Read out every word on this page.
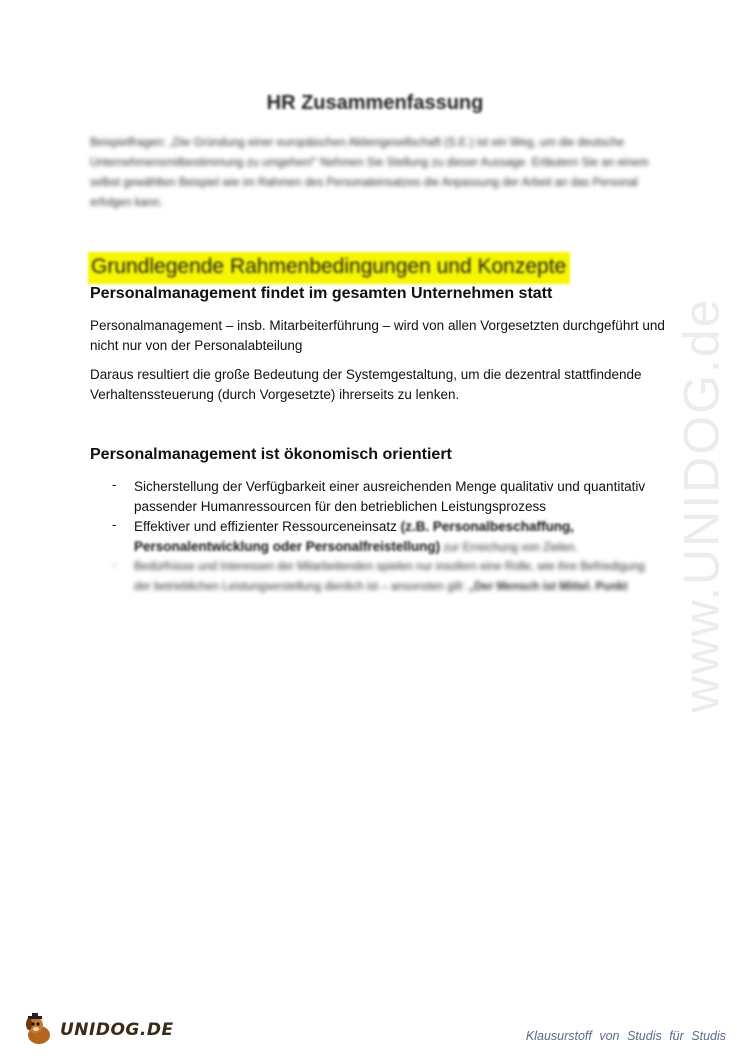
HR Zusammenfassung
Beispielfragen: „Die Gründung einer europäischen Aktiengesellschaft (S.E.) ist ein Weg, um die deutsche Unternehmensmitbestimmung zu umgehen!“ Nehmen Sie Stellung zu dieser Aussage. Erläutern Sie an einem selbst gewählten Beispiel wie im Rahmen des Personaleinsatzes die Anpassung der Arbeit an das Personal erfolgen kann.
Grundlegende Rahmenbedingungen und Konzepte
Personalmanagement findet im gesamten Unternehmen statt
Personalmanagement – insb. Mitarbeiterführung – wird von allen Vorgesetzten durchgeführt und nicht nur von der Personalabteilung
Daraus resultiert die große Bedeutung der Systemgestaltung, um die dezentral stattfindende Verhaltenssteuerung (durch Vorgesetzte) ihrerseits zu lenken.
Personalmanagement ist ökonomisch orientiert
- Sicherstellung der Verfügbarkeit einer ausreichenden Menge qualitativ und quantitativ passender Humanressourcen für den betrieblichen Leistungsprozess
- Effektiver und effizienter Ressourceneinsatz (z.B. Personalbeschaffung, Personalentwicklung oder Personalfreistellung) zur Erreichung von Zielen.
- Bedürfnisse und Interessen der Mitarbeitenden spielen nur insofern eine Rolle, wie ihre Befriedigung der betrieblichen Leistungserstellung dienlich ist – ansonsten gilt: „Der Mensch ist Mittel. Punkt www.UNIDOG.de
UNIDOG.DE	Klausurstoff von Studis für Studis
